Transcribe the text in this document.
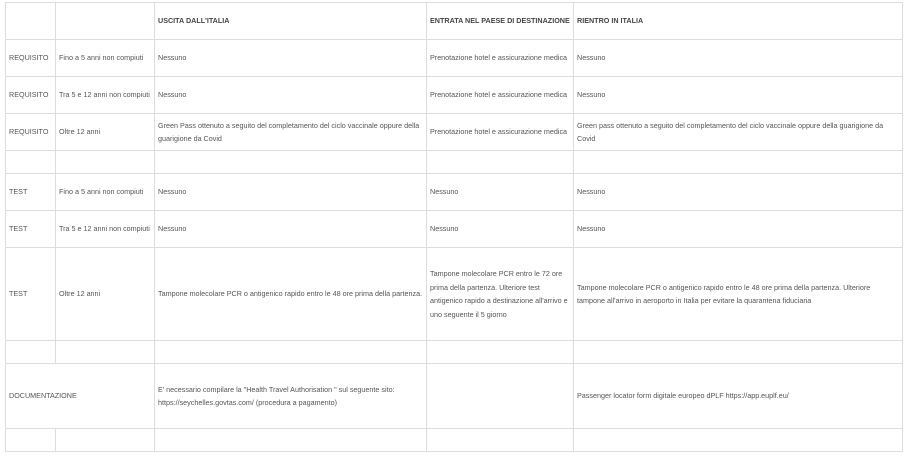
		USCITA DALL'ITALIA	ENTRATA NEL PAESE DI DESTINAZIONE	RIENTRO IN ITALIA
REQUISITO	Fino a 5 anni non compiuti	Nessuno	Prenotazione hotel e assicurazione medica	Nessuno
REQUISITO	Tra 5 e 12 anni non compiuti	Nessuno	Prenotazione hotel e assicurazione medica	Nessuno
REQUISITO	Oltre 12 anni	Green Pass ottenuto a seguito del completamento del ciclo vaccinale oppure della guarigione da Covid	Prenotazione hotel e assicurazione medica	Green pass ottenuto a seguito del completamento del ciclo vaccinale oppure della guarigione da Covid

TEST	Fino a 5 anni non compiuti	Nessuno	Nessuno	Nessuno
TEST	Tra 5 e 12 anni non compiuti	Nessuno	Nessuno	Nessuno
TEST	Oltre 12 anni	Tampone molecolare PCR o antigenico rapido entro le 48 ore prima della partenza.	Tampone molecolare PCR entro le 72 ore prima della partenza. Ulteriore test antigenico rapido a destinazione all'arrivo e uno seguente il 5 giorno	Tampone molecolare PCR o antigenico rapido entro le 48 ore prima della partenza. Ulteriore tampone all'arrivo in aeroporto in Italia per evitare la quarantena fiduciaria

DOCUMENTAZIONE		E' necessario compilare la "Health Travel Authorisation " sul seguente sito: https://seychelles.govtas.com/ (procedura a pagamento)		Passenger locator form digitale europeo dPLF https://app.euplf.eu/
